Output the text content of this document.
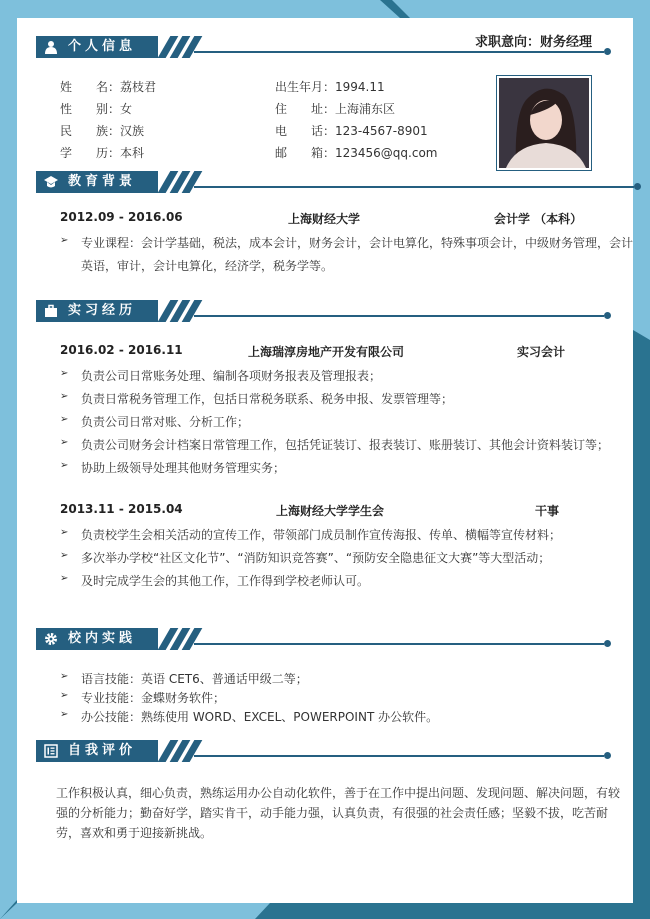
求职意向：财务经理
个人信息
姓　　名：荔枝君
性　　别：女
民　　族：汉族
学　　历：本科
出生年月：1994.11
住　　址：上海浦东区
电　　话：123-4567-8901
邮　　箱：123456@qq.com
教育背景
2012.09 - 2016.06	上海财经大学	会计学 （本科）
➢ 专业课程：会计学基础，税法，成本会计，财务会计，会计电算化，特殊事项会计，中级财务管理，会计
英语，审计，会计电算化，经济学，税务学等。
实习经历
2016.02 - 2016.11	上海瑞淳房地产开发有限公司	实习会计
➢ 负责公司日常账务处理、编制各项财务报表及管理报表；
➢ 负责日常税务管理工作，包括日常税务联系、税务申报、发票管理等；
➢ 负责公司日常对账、分析工作；
➢ 负责公司财务会计档案日常管理工作，包括凭证装订、报表装订、账册装订、其他会计资料装订等；
➢ 协助上级领导处理其他财务管理实务；
2013.11 - 2015.04	上海财经大学学生会	干事
➢ 负责校学生会相关活动的宣传工作，带领部门成员制作宣传海报、传单、横幅等宣传材料；
➢ 多次举办学校“社区文化节”、“消防知识竞答赛”、“预防安全隐患征文大赛”等大型活动；
➢ 及时完成学生会的其他工作，工作得到学校老师认可。
校内实践
➢ 语言技能：英语 CET6、普通话甲级二等；
➢ 专业技能：金蝶财务软件；
➢ 办公技能：熟练使用 WORD、EXCEL、POWERPOINT 办公软件。
自我评价
工作积极认真，细心负责，熟练运用办公自动化软件，善于在工作中提出问题、发现问题、解决问题，有较
强的分析能力；勤奋好学，踏实肯干，动手能力强，认真负责，有很强的社会责任感；坚毅不拔，吃苦耐
劳，喜欢和勇于迎接新挑战。
